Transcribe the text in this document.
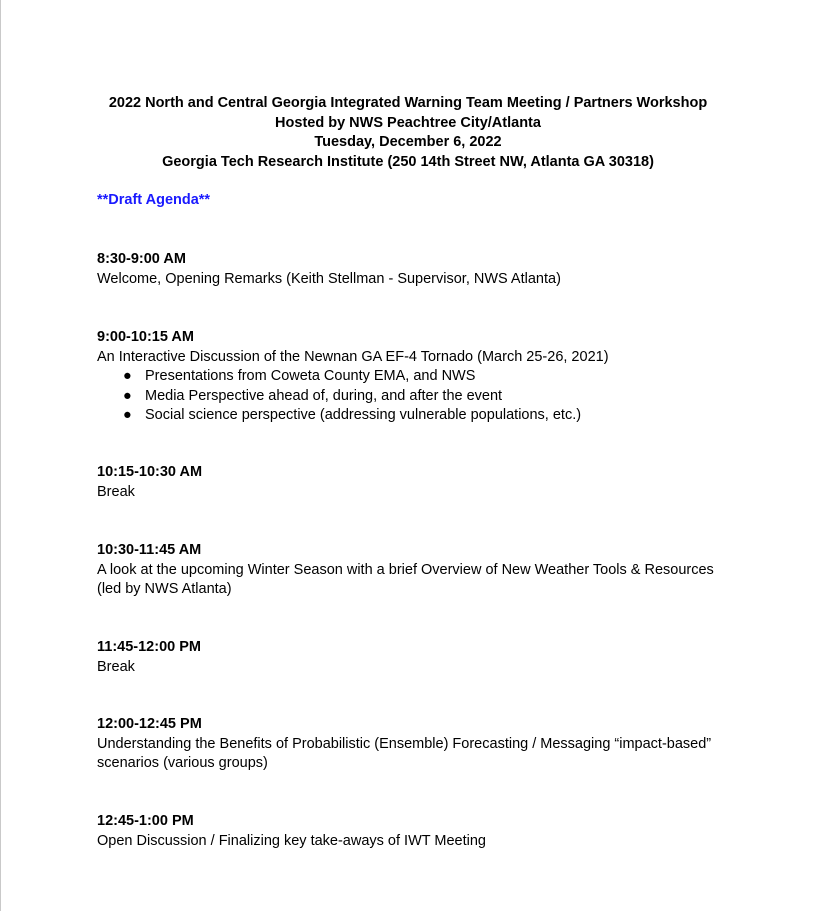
2022 North and Central Georgia Integrated Warning Team Meeting / Partners Workshop
Hosted by NWS Peachtree City/Atlanta
Tuesday, December 6, 2022
Georgia Tech Research Institute (250 14th Street NW, Atlanta GA 30318)
**Draft Agenda**
8:30-9:00 AM
Welcome, Opening Remarks (Keith Stellman - Supervisor, NWS Atlanta)
9:00-10:15 AM
An Interactive Discussion of the Newnan GA EF-4 Tornado (March 25-26, 2021)
● Presentations from Coweta County EMA, and NWS
● Media Perspective ahead of, during, and after the event
● Social science perspective (addressing vulnerable populations, etc.)
10:15-10:30 AM
Break
10:30-11:45 AM
A look at the upcoming Winter Season with a brief Overview of New Weather Tools & Resources (led by NWS Atlanta)
11:45-12:00 PM
Break
12:00-12:45 PM
Understanding the Benefits of Probabilistic (Ensemble) Forecasting / Messaging “impact-based” scenarios (various groups)
12:45-1:00 PM
Open Discussion / Finalizing key take-aways of IWT Meeting
